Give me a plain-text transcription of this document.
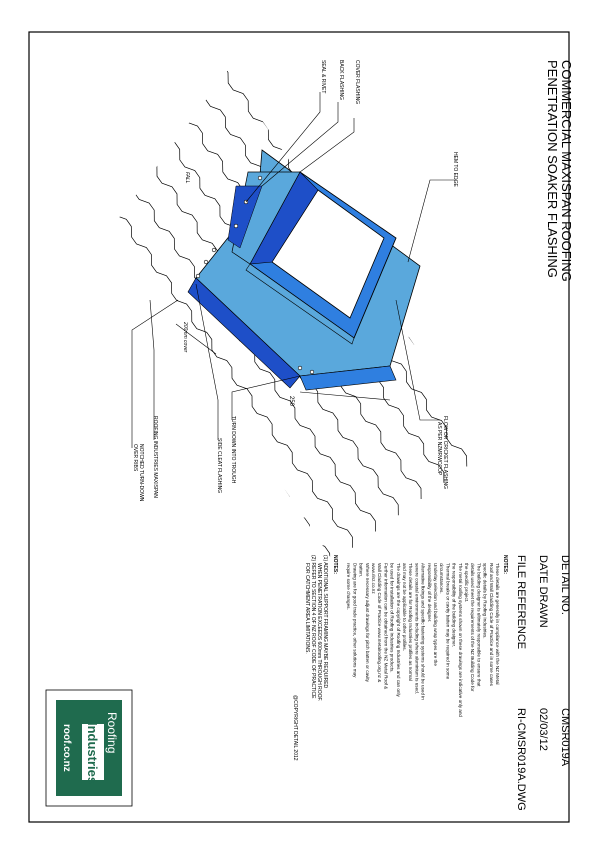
COMMERCIAL MAXISPAN ROOFING
PENETRATION SOAKER FLASHING
DETAIL NO.
CMSR019A
DATE DRAWN
02/03/12
FILE REFERENCE
RI-CMSR019A.DWG
NOTES:
These details are generally in compliance with the NZ Metal
Roof and Wall Cladding Code of Practice and in some cases
specific details by Roofing Industries.
The building designer is ultimately responsible to ensure that
details used meet the requirements of the NZ Building Code for
the specific project.
The metal roofing systems shown on these drawings are indicative only and
the responsibility of the building designer.
Thermal breaks or cavity batten may be required in some
circumstances.
Underlay selection and building wrap types are the
responsibility of the designer.
Alternative fixings and specific fastening systems should be used in
severe coastal environments including where aluminium is used.
These details are for Roofing Industries profiles as normal
and may not be applicable to other profiles.
The drawings are the copyright of Roofing Industries and can only
be used for installation of Roofing Industries products.
Further information can be obtained from the NZ Metal Roof &
Wall Cladding Code of Practice www.metalroofing.org.nz &
www.rinz.co.nz
Where necessary adjust drawings for pitch batten or cavity
batten.
Drawing are for good trade practice, other solutions may
require some changes.
NOTES:
(1) ADDITIONAL SUPPORT FRAMING MAYBE REQUIRED
WHEN PENETRATION EXCEEDS 600mm THROUGH ROOF.
(2) REFER TO SECTION 4 OF NZ ROOF CODE OF PRACTICE
FOR CATCHMENT AREA LIMITATIONS.
@COPYRIGHT DETAIL 2012
COVER FLASHING
BACK FLASHING
SEAL & RIVET
HEM TO EDGE
FALL
FLOW OR CRICKET FLASHING
AS PER NZMRWCCOP
TURN DOWN INTO TROUGH
SIDE CLEAT FLASHING
ROOFING INDUSTRIES MAXISPAN
NOTCHED TURN-DOWN
OVER RIBS
200mm cover
250
Roofing
Industries
roof.co.nz
